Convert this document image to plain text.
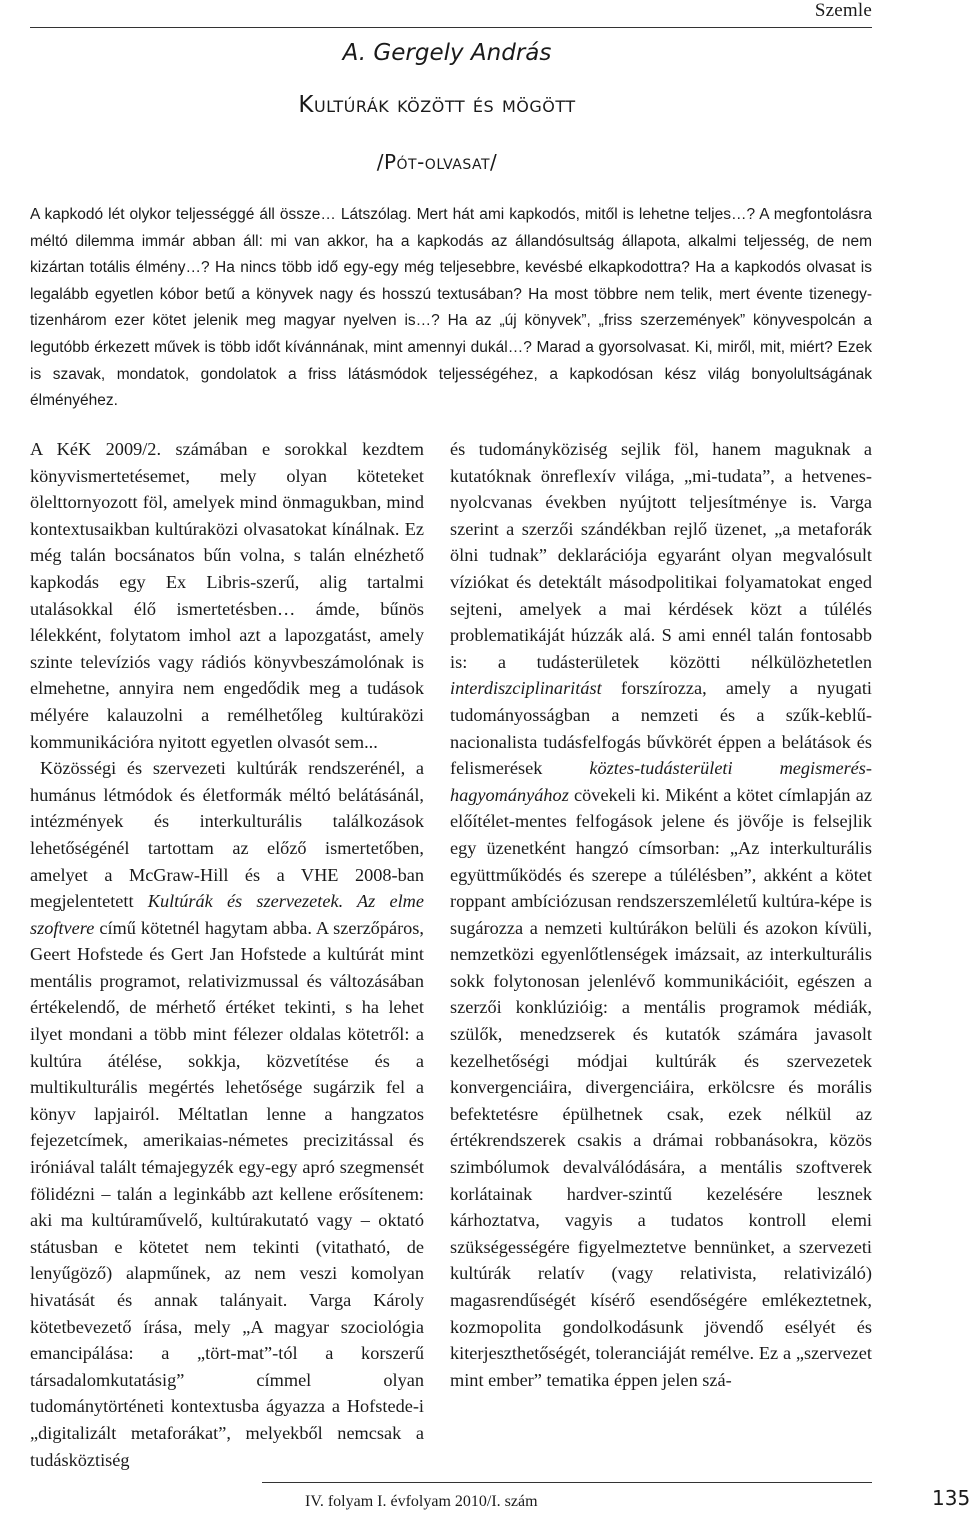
Szemle
A. Gergely András
Kultúrák között és mögött
/Pót-olvasat/
A kapkodó lét olykor teljességgé áll össze… Látszólag. Mert hát ami kapkodós, mitől is lehetne teljes…? A megfontolásra méltó dilemma immár abban áll: mi van akkor, ha a kapkodás az állandósultság állapota, alkalmi teljesség, de nem kizártan totális élmény…? Ha nincs több idő egy-egy még teljesebbre, kevésbé elkapkodottra? Ha a kapkodós olvasat is legalább egyetlen kóbor betű a könyvek nagy és hosszú textusában? Ha most többre nem telik, mert évente tizenegy-tizenhárom ezer kötet jelenik meg magyar nyelven is…? Ha az „új könyvek”, „friss szerzemények” könyvespolcán a legutóbb érkezett művek is több időt kívánnának, mint amennyi dukál…? Marad a gyorsolvasat. Ki, miről, mit, miért? Ezek is szavak, mondatok, gondolatok a friss látásmódok teljességéhez, a kapkodósan kész világ bonyolultságának élményéhez.

A KéK 2009/2. számában e sorokkal kezdtem könyvismertetésemet, mely olyan köteteket ölelttornyozott föl, amelyek mind önmagukban, mind kontextusaikban kultúraközi olvasatokat kínálnak. Ez még talán bocsánatos bűn volna, s talán elnézhető kapkodás egy Ex Libris-szerű, alig tartalmi utalásokkal élő ismertetésben… ámde, bűnös lélekként, folytatom imhol azt a lapozgatást, amely szinte televíziós vagy rádiós könyvbeszámolónak is elmehetne, annyira nem engedődik meg a tudások mélyére kalauzolni a remélhetőleg kultúraközi kommunikációra nyitott egyetlen olvasót sem...

Közösségi és szervezeti kultúrák rendszerénél, a humánus létmódok és életformák méltó belátásánál, intézmények és interkulturális találkozások lehetőségénél tartottam az előző ismertetőben, amelyet a McGraw-Hill és a VHE 2008-ban megjelentetett Kultúrák és szervezetek. Az elme szoftvere című kötetnél hagytam abba. A szerzőpáros, Geert Hofstede és Gert Jan Hofstede a kultúrát mint mentális programot, relativizmussal és változásában értékelendő, de mérhető értéket tekinti, s ha lehet ilyet mondani a több mint félezer oldalas kötetről: a kultúra átélése, sokkja, közvetítése és a multikulturális megértés lehetősége sugárzik fel a könyv lapjairól. Méltatlan lenne a hangzatos fejezetcímek, amerikaias-németes precizitással és iróniával talált témajegyzék egy-egy apró szegmensét fölidézni – talán a leginkább azt kellene erősítenem: aki ma kultúraművelő, kultúrakutató vagy – oktató státusban e kötetet nem tekinti (vitatható, de lenyűgöző) alapműnek, az nem veszi komolyan hivatását és annak talányait. Varga Károly kötetbevezető írása, mely „A magyar szociológia emancipálása: a „tört-mat”-tól a korszerű társadalomkutatásig” címmel olyan tudománytörténeti kontextusba ágyazza a Hofstede-i „digitalizált metaforákat”, melyekből nemcsak a tudásköztiség

és tudományköziség sejlik föl, hanem maguknak a kutatóknak önreflexív világa, „mi-tudata”, a hetvenes-nyolcvanas években nyújtott teljesítménye is. Varga szerint a szerzői szándékban rejlő üzenet, „a metaforák ölni tudnak” deklarációja egyaránt olyan megvalósult víziókat és detektált másodpolitikai folyamatokat enged sejteni, amelyek a mai kérdések közt a túlélés problematikáját húzzák alá. S ami ennél talán fontosabb is: a tudásterületek közötti nélkülözhetetlen interdiszciplinaritást forszírozza, amely a nyugati tudományosságban a nemzeti és a szűk-keblű-nacionalista tudásfelfogás bűvkörét éppen a belátások és felismerések köztes-tudásterületi megismerés-hagyományához cövekeli ki. Miként a kötet címlapján az előítélet-mentes felfogások jelene és jövője is felsejlik egy üzenetként hangzó címsorban: „Az interkulturális együttműködés és szerepe a túlélésben”, akként a kötet roppant ambíciózusan rendszerszemléletű kultúra-képe is sugározza a nemzeti kultúrákon belüli és azokon kívüli, nemzetközi egyenlőtlenségek imázsait, az interkulturális sokk folytonosan jelenlévő kommunikációit, egészen a szerzői konklúzióig: a mentális programok médiák, szülők, menedzserek és kutatók számára javasolt kezelhetőségi módjai kultúrák és szervezetek konvergenciáira, divergenciáira, erkölcsre és morális befektetésre épülhetnek csak, ezek nélkül az értékrendszerek csakis a drámai robbanásokra, közös szimbólumok devalválódására, a mentális szoftverek korlátainak hardver-szintű kezelésére lesznek kárhoztatva, vagyis a tudatos kontroll elemi szükségességére figyelmeztetve bennünket, a szervezeti kultúrák relatív (vagy relativista, relativizáló) magasrendűségét kísérő esendőségére emlékeztetnek, kozmopolita gondolkodásunk jövendő esélyét és kiterjeszthetőségét, toleranciáját remélve. Ez a „szervezet mint ember” tematika éppen jelen szá-

IV. folyam I. évfolyam 2010/I. szám	135
